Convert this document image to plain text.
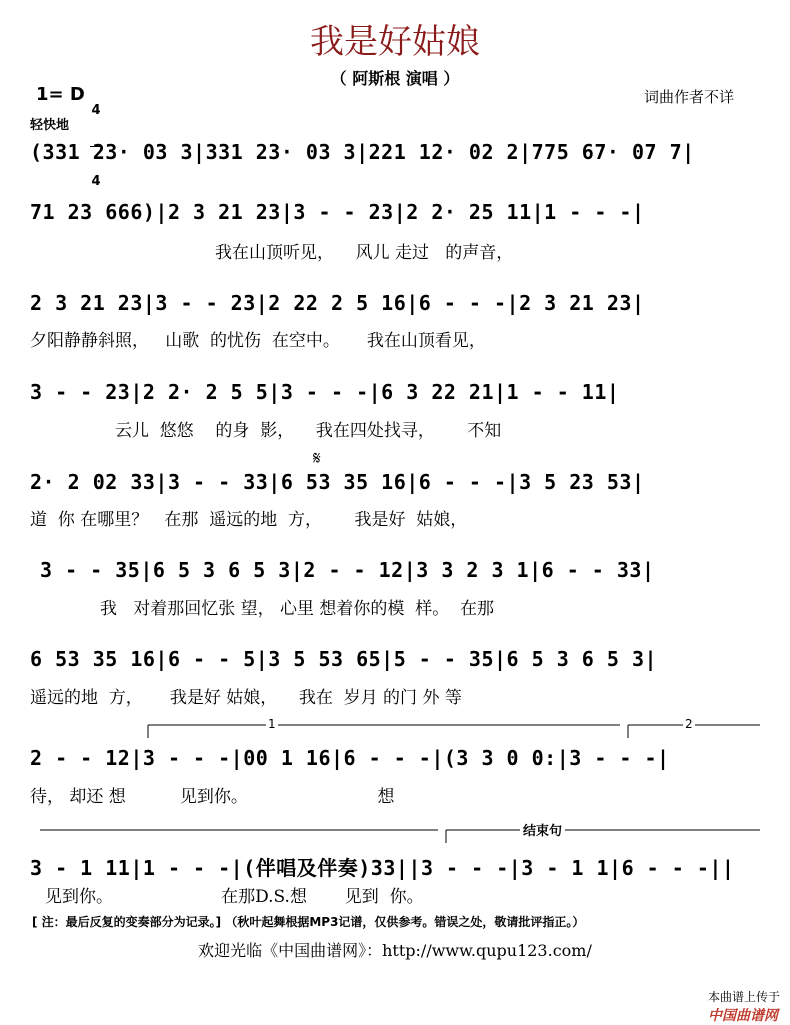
我是好姑娘
（ 阿斯根 演唱 ）
词曲作者不详
1= D

4

4

轻快地
(331 23· 03 3|331 23· 03 3|221 12· 02 2|775 67· 07 7|
71 23 666)|2 3 21 23|3 - - 23|2 2· 25 11|1 - - -|
我在山顶听见，    风儿 走过   的声音，
2 3 21 23|3 - - 23|2 22 2 5 16|6 - - -|2 3 21 23|
夕阳静静斜照，   山歌  的忧伤  在空中。     我在山顶看见，
3 - - 23|2 2· 2 5 5|3 - - -|6 3 22 21|1 - - 11|
云儿  悠悠    的身  影，    我在四处找寻，      不知
2· 2 02 33|3 - - 33|6 53 35 16|6 - - -|3 5 23 53|
道  你 在哪里？   在那  遥远的地  方，      我是好  姑娘，
𝄋
3 - - 35|6 5 3 6 5 3|2 - - 12|3 3 2 3 1|6 - - 33|
我   对着那回忆张 望， 心里 想着你的模  样。  在那
6 53 35 16|6 - - 5|3 5 53 65|5 - - 35|6 5 3 6 5 3|
遥远的地  方，     我是好 姑娘，    我在  岁月 的门 外 等
2 - - 12|3 - - -|00 1 16|6 - - -|(3 3 0 0:|3 - - -|
待， 却还 想          见到你。                        想
3 - 1 11|1 - - -|(伴唱及伴奏)33||3 - - -|3 - 1 1|6 - - -||
见到你。                    在那D.S.想       见到  你。
1	2
结束句
[ 注：最后反复的变奏部分为记录。] （秋叶起舞根据MP3记谱，仅供参考。错误之处，敬请批评指正。）
欢迎光临《中国曲谱网》：http://www.qupu123.com/

本曲谱上传于
中国曲谱网
